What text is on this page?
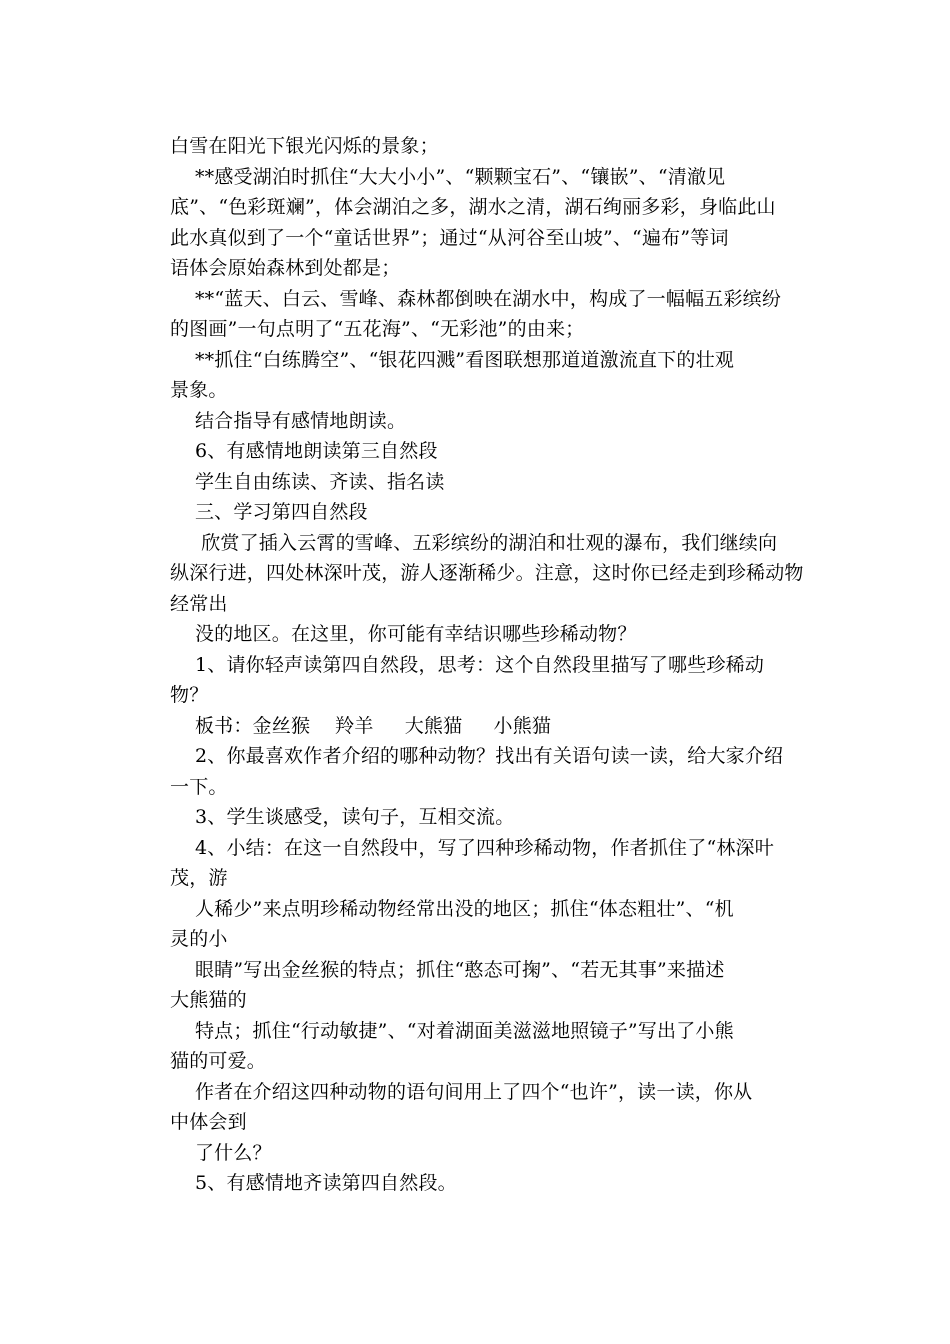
白雪在阳光下银光闪烁的景象；
**感受湖泊时抓住“大大小小”、“颗颗宝石”、“镶嵌”、“清澈见
底”、“色彩斑斓”，体会湖泊之多，湖水之清，湖石绚丽多彩，身临此山
此水真似到了一个“童话世界”；通过“从河谷至山坡”、“遍布”等词
语体会原始森林到处都是；
**“蓝天、白云、雪峰、森林都倒映在湖水中，构成了一幅幅五彩缤纷
的图画”一句点明了“五花海”、“无彩池”的由来；
**抓住“白练腾空”、“银花四溅”看图联想那道道激流直下的壮观
景象。
结合指导有感情地朗读。
6、有感情地朗读第三自然段
学生自由练读、齐读、指名读
三、学习第四自然段
欣赏了插入云霄的雪峰、五彩缤纷的湖泊和壮观的瀑布，我们继续向
纵深行进，四处林深叶茂，游人逐渐稀少。注意，这时你已经走到珍稀动物
经常出
没的地区。在这里，你可能有幸结识哪些珍稀动物？
1、请你轻声读第四自然段，思考：这个自然段里描写了哪些珍稀动
物？
板书：金丝猴    羚羊     大熊猫     小熊猫
2、你最喜欢作者介绍的哪种动物？找出有关语句读一读，给大家介绍
一下。
3、学生谈感受，读句子，互相交流。
4、小结：在这一自然段中，写了四种珍稀动物，作者抓住了“林深叶
茂，游
人稀少”来点明珍稀动物经常出没的地区；抓住“体态粗壮”、“机
灵的小
眼睛”写出金丝猴的特点；抓住“憨态可掬”、“若无其事”来描述
大熊猫的
特点；抓住“行动敏捷”、“对着湖面美滋滋地照镜子”写出了小熊
猫的可爱。
作者在介绍这四种动物的语句间用上了四个“也许”，读一读，你从
中体会到
了什么？
5、有感情地齐读第四自然段。
